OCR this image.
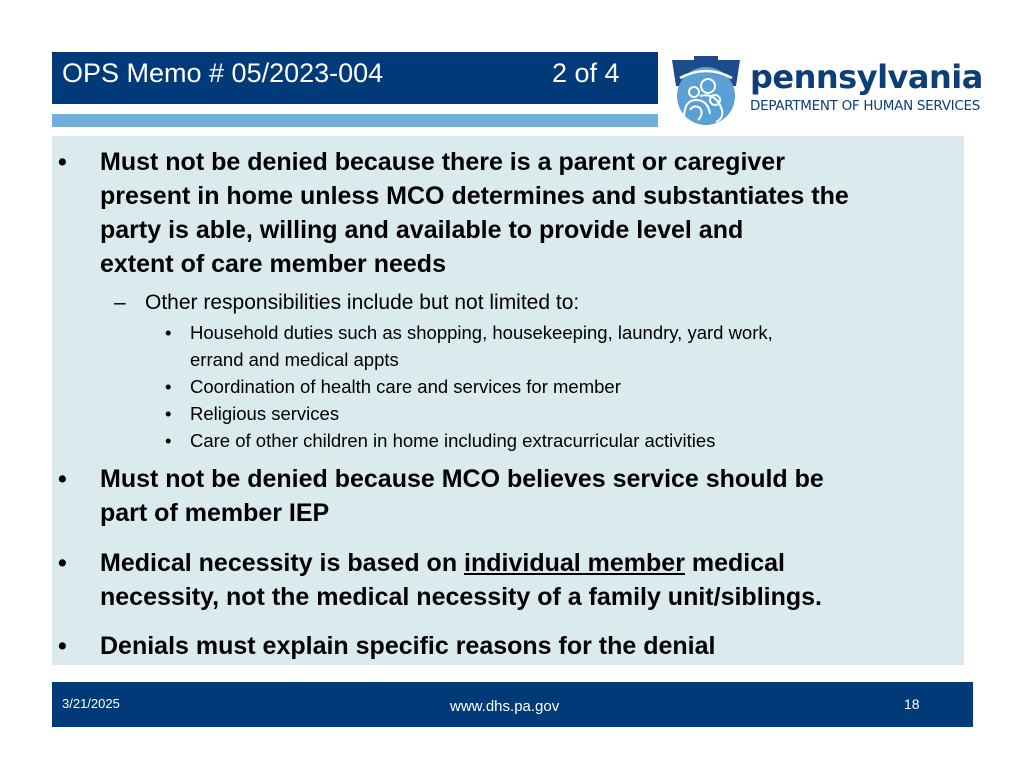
OPS Memo # 05/2023-004	2 of 4	pennsylvania
DEPARTMENT OF HUMAN SERVICES
• Must not be denied because there is a parent or caregiver
present in home unless MCO determines and substantiates the
party is able, willing and available to provide level and
extent of care member needs
– Other responsibilities include but not limited to:
• Household duties such as shopping, housekeeping, laundry, yard work,
errand and medical appts
• Coordination of health care and services for member
• Religious services
• Care of other children in home including extracurricular activities
• Must not be denied because MCO believes service should be
part of member IEP
• Medical necessity is based on individual member medical
necessity, not the medical necessity of a family unit/siblings.
• Denials must explain specific reasons for the denial
3/21/2025	www.dhs.pa.gov	18
